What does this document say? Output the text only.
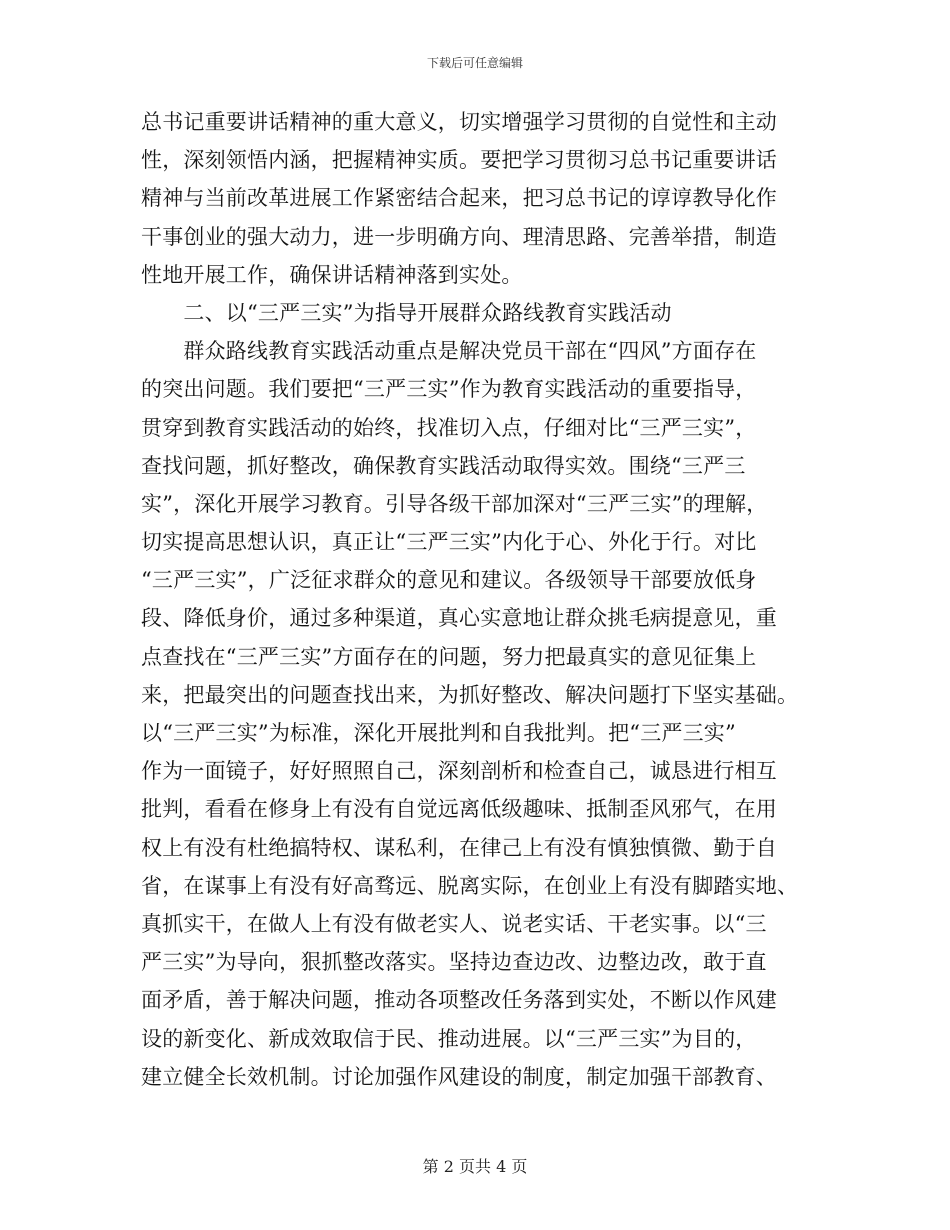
下载后可任意编辑
总书记重要讲话精神的重大意义，切实增强学习贯彻的自觉性和主动
性，深刻领悟内涵，把握精神实质。要把学习贯彻习总书记重要讲话
精神与当前改革进展工作紧密结合起来，把习总书记的谆谆教导化作
干事创业的强大动力，进一步明确方向、理清思路、完善举措，制造
性地开展工作，确保讲话精神落到实处。
　　二、以“三严三实”为指导开展群众路线教育实践活动
　　群众路线教育实践活动重点是解决党员干部在“四风”方面存在
的突出问题。我们要把“三严三实”作为教育实践活动的重要指导，
贯穿到教育实践活动的始终，找准切入点，仔细对比“三严三实”，
查找问题，抓好整改，确保教育实践活动取得实效。围绕“三严三
实”，深化开展学习教育。引导各级干部加深对“三严三实”的理解，
切实提高思想认识，真正让“三严三实”内化于心、外化于行。对比
“三严三实”，广泛征求群众的意见和建议。各级领导干部要放低身
段、降低身价，通过多种渠道，真心实意地让群众挑毛病提意见，重
点查找在“三严三实”方面存在的问题，努力把最真实的意见征集上
来，把最突出的问题查找出来，为抓好整改、解决问题打下坚实基础。
以“三严三实”为标准，深化开展批判和自我批判。把“三严三实”
作为一面镜子，好好照照自己，深刻剖析和检查自己，诚恳进行相互
批判，看看在修身上有没有自觉远离低级趣味、抵制歪风邪气，在用
权上有没有杜绝搞特权、谋私利，在律己上有没有慎独慎微、勤于自
省，在谋事上有没有好高骛远、脱离实际，在创业上有没有脚踏实地、
真抓实干，在做人上有没有做老实人、说老实话、干老实事。以“三
严三实”为导向，狠抓整改落实。坚持边查边改、边整边改，敢于直
面矛盾，善于解决问题，推动各项整改任务落到实处，不断以作风建
设的新变化、新成效取信于民、推动进展。以“三严三实”为目的，
建立健全长效机制。讨论加强作风建设的制度，制定加强干部教育、
第 2 页共 4 页
